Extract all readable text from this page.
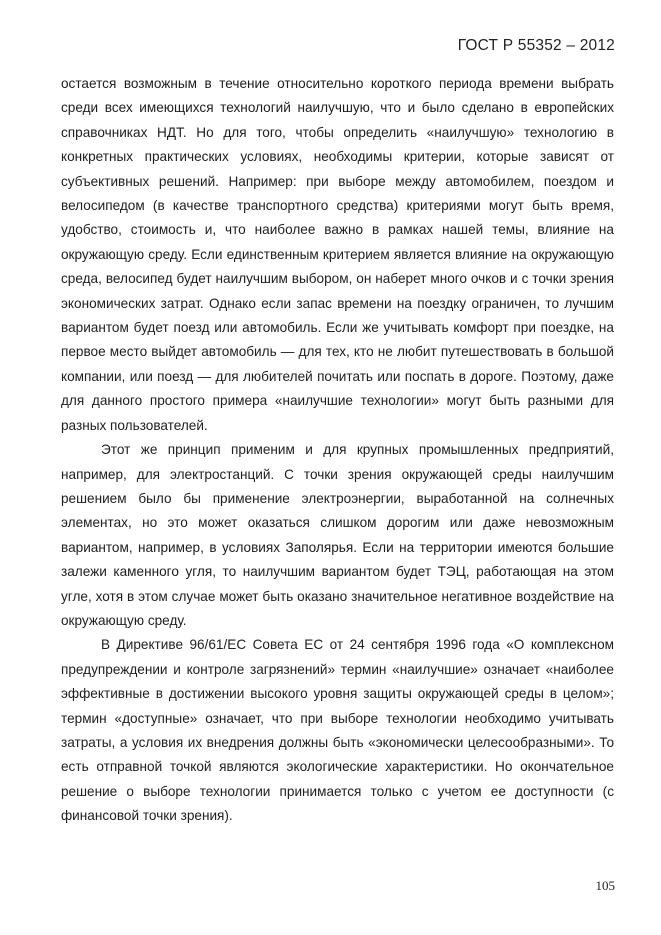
ГОСТ Р 55352 – 2012

остается возможным в течение относительно короткого периода времени выбрать среди всех имеющихся технологий наилучшую, что и было сделано в европейских справочниках НДТ. Но для того, чтобы определить «наилучшую» технологию в конкретных практических условиях, необходимы критерии, которые зависят от субъективных решений. Например: при выборе между автомобилем, поездом и велосипедом (в качестве транспортного средства) критериями могут быть время, удобство, стоимость и, что наиболее важно в рамках нашей темы, влияние на окружающую среду. Если единственным критерием является влияние на окружающую среда, велосипед будет наилучшим выбором, он наберет много очков и с точки зрения экономических затрат. Однако если запас времени на поездку ограничен, то лучшим вариантом будет поезд или автомобиль. Если же учитывать комфорт при поездке, на первое место выйдет автомобиль — для тех, кто не любит путешествовать в большой компании, или поезд — для любителей почитать или поспать в дороге. Поэтому, даже для данного простого примера «наилучшие технологии» могут быть разными для разных пользователей.

Этот же принцип применим и для крупных промышленных предприятий, например, для электростанций. С точки зрения окружающей среды наилучшим решением было бы применение электроэнергии, выработанной на солнечных элементах, но это может оказаться слишком дорогим или даже невозможным вариантом, например, в условиях Заполярья. Если на территории имеются большие залежи каменного угля, то наилучшим вариантом будет ТЭЦ, работающая на этом угле, хотя в этом случае может быть оказано значительное негативное воздействие на окружающую среду.

В Директиве 96/61/ЕС Совета ЕС от 24 сентября 1996 года «О комплексном предупреждении и контроле загрязнений» термин «наилучшие» означает «наиболее эффективные в достижении высокого уровня защиты окружающей среды в целом»; термин «доступные» означает, что при выборе технологии необходимо учитывать затраты, а условия их внедрения должны быть «экономически целесообразными». То есть отправной точкой являются экологические характеристики. Но окончательное решение о выборе технологии принимается только с учетом ее доступности (с финансовой точки зрения).

105
